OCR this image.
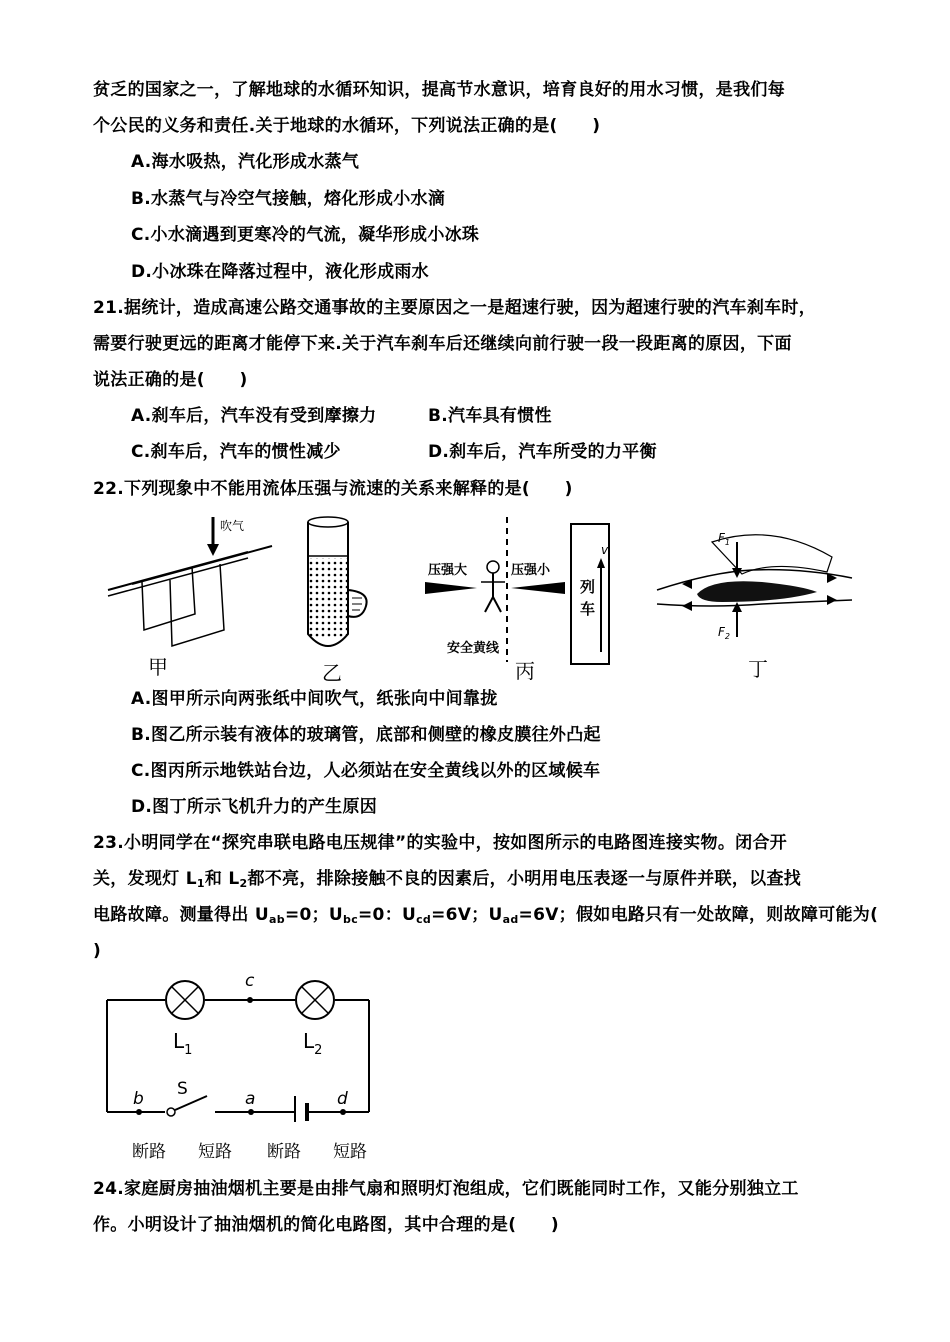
贫乏的国家之一，了解地球的水循环知识，提高节水意识，培育良好的用水习惯，是我们每
个公民的义务和责任.关于地球的水循环，下列说法正确的是(　　)
A.海水吸热，汽化形成水蒸气
B.水蒸气与冷空气接触，熔化形成小水滴
C.小水滴遇到更寒冷的气流，凝华形成小冰珠
D.小冰珠在降落过程中，液化形成雨水
21.据统计，造成高速公路交通事故的主要原因之一是超速行驶，因为超速行驶的汽车刹车时，
需要行驶更远的距离才能停下来.关于汽车刹车后还继续向前行驶一段一段距离的原因，下面
说法正确的是(　　)
A.刹车后，汽车没有受到摩擦力	B.汽车具有惯性
C.刹车后，汽车的惯性减少	D.刹车后，汽车所受的力平衡
22.下列现象中不能用流体压强与流速的关系来解释的是(　　)
吹气
甲	乙
压强大	压强小
列
车
v
安全黄线
丙
$F_1$
$F_2$
丁
A.图甲所示向两张纸中间吹气，纸张向中间靠拢
B.图乙所示装有液体的玻璃管，底部和侧壁的橡皮膜往外凸起
C.图丙所示地铁站台边，人必须站在安全黄线以外的区域候车
D.图丁所示飞机升力的产生原因
23.小明同学在“探究串联电路电压规律”的实验中，按如图所示的电路图连接实物。闭合开
关，发现灯 $L_1$和 $L_2$都不亮，排除接触不良的因素后，小明用电压表逐一与原件并联，以查找
电路故障。测量得出 $U_{ab}=0$；$U_{bc}=0$：$U_{cd}=6V$；$U_{ad}=6V$；假如电路只有一处故障，则故障可能为(
)
c
$L_1$	$L_2$
b S	a	d
断路 短路 断路 短路
24.家庭厨房抽油烟机主要是由排气扇和照明灯泡组成，它们既能同时工作，又能分别独立工
作。小明设计了抽油烟机的简化电路图，其中合理的是(　　)
